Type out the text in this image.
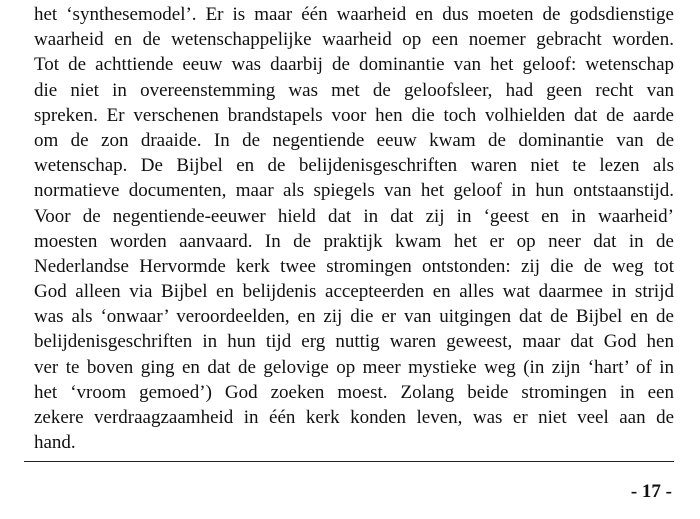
het ‘synthesemodel’. Er is maar één waarheid en dus moeten de godsdienstige
waarheid en de wetenschappelijke waarheid op een noemer gebracht worden.
Tot de achttiende eeuw was daarbij de dominantie van het geloof: wetenschap
die niet in overeenstemming was met de geloofsleer, had geen recht van
spreken. Er verschenen brandstapels voor hen die toch volhielden dat de aarde
om de zon draaide. In de negentiende eeuw kwam de dominantie van de
wetenschap. De Bijbel en de belijdenisgeschriften waren niet te lezen als
normatieve documenten, maar als spiegels van het geloof in hun ontstaanstijd.
Voor de negentiende-eeuwer hield dat in dat zij in ‘geest en in waarheid’
moesten worden aanvaard. In de praktijk kwam het er op neer dat in de
Nederlandse Hervormde kerk twee stromingen ontstonden: zij die de weg tot
God alleen via Bijbel en belijdenis accepteerden en alles wat daarmee in strijd
was als ‘onwaar’ veroordeelden, en zij die er van uitgingen dat de Bijbel en de
belijdenisgeschriften in hun tijd erg nuttig waren geweest, maar dat God hen
ver te boven ging en dat de gelovige op meer mystieke weg (in zijn ‘hart’ of in
het ‘vroom gemoed’) God zoeken moest. Zolang beide stromingen in een
zekere verdraagzaamheid in één kerk konden leven, was er niet veel aan de
hand.
- 17 -
